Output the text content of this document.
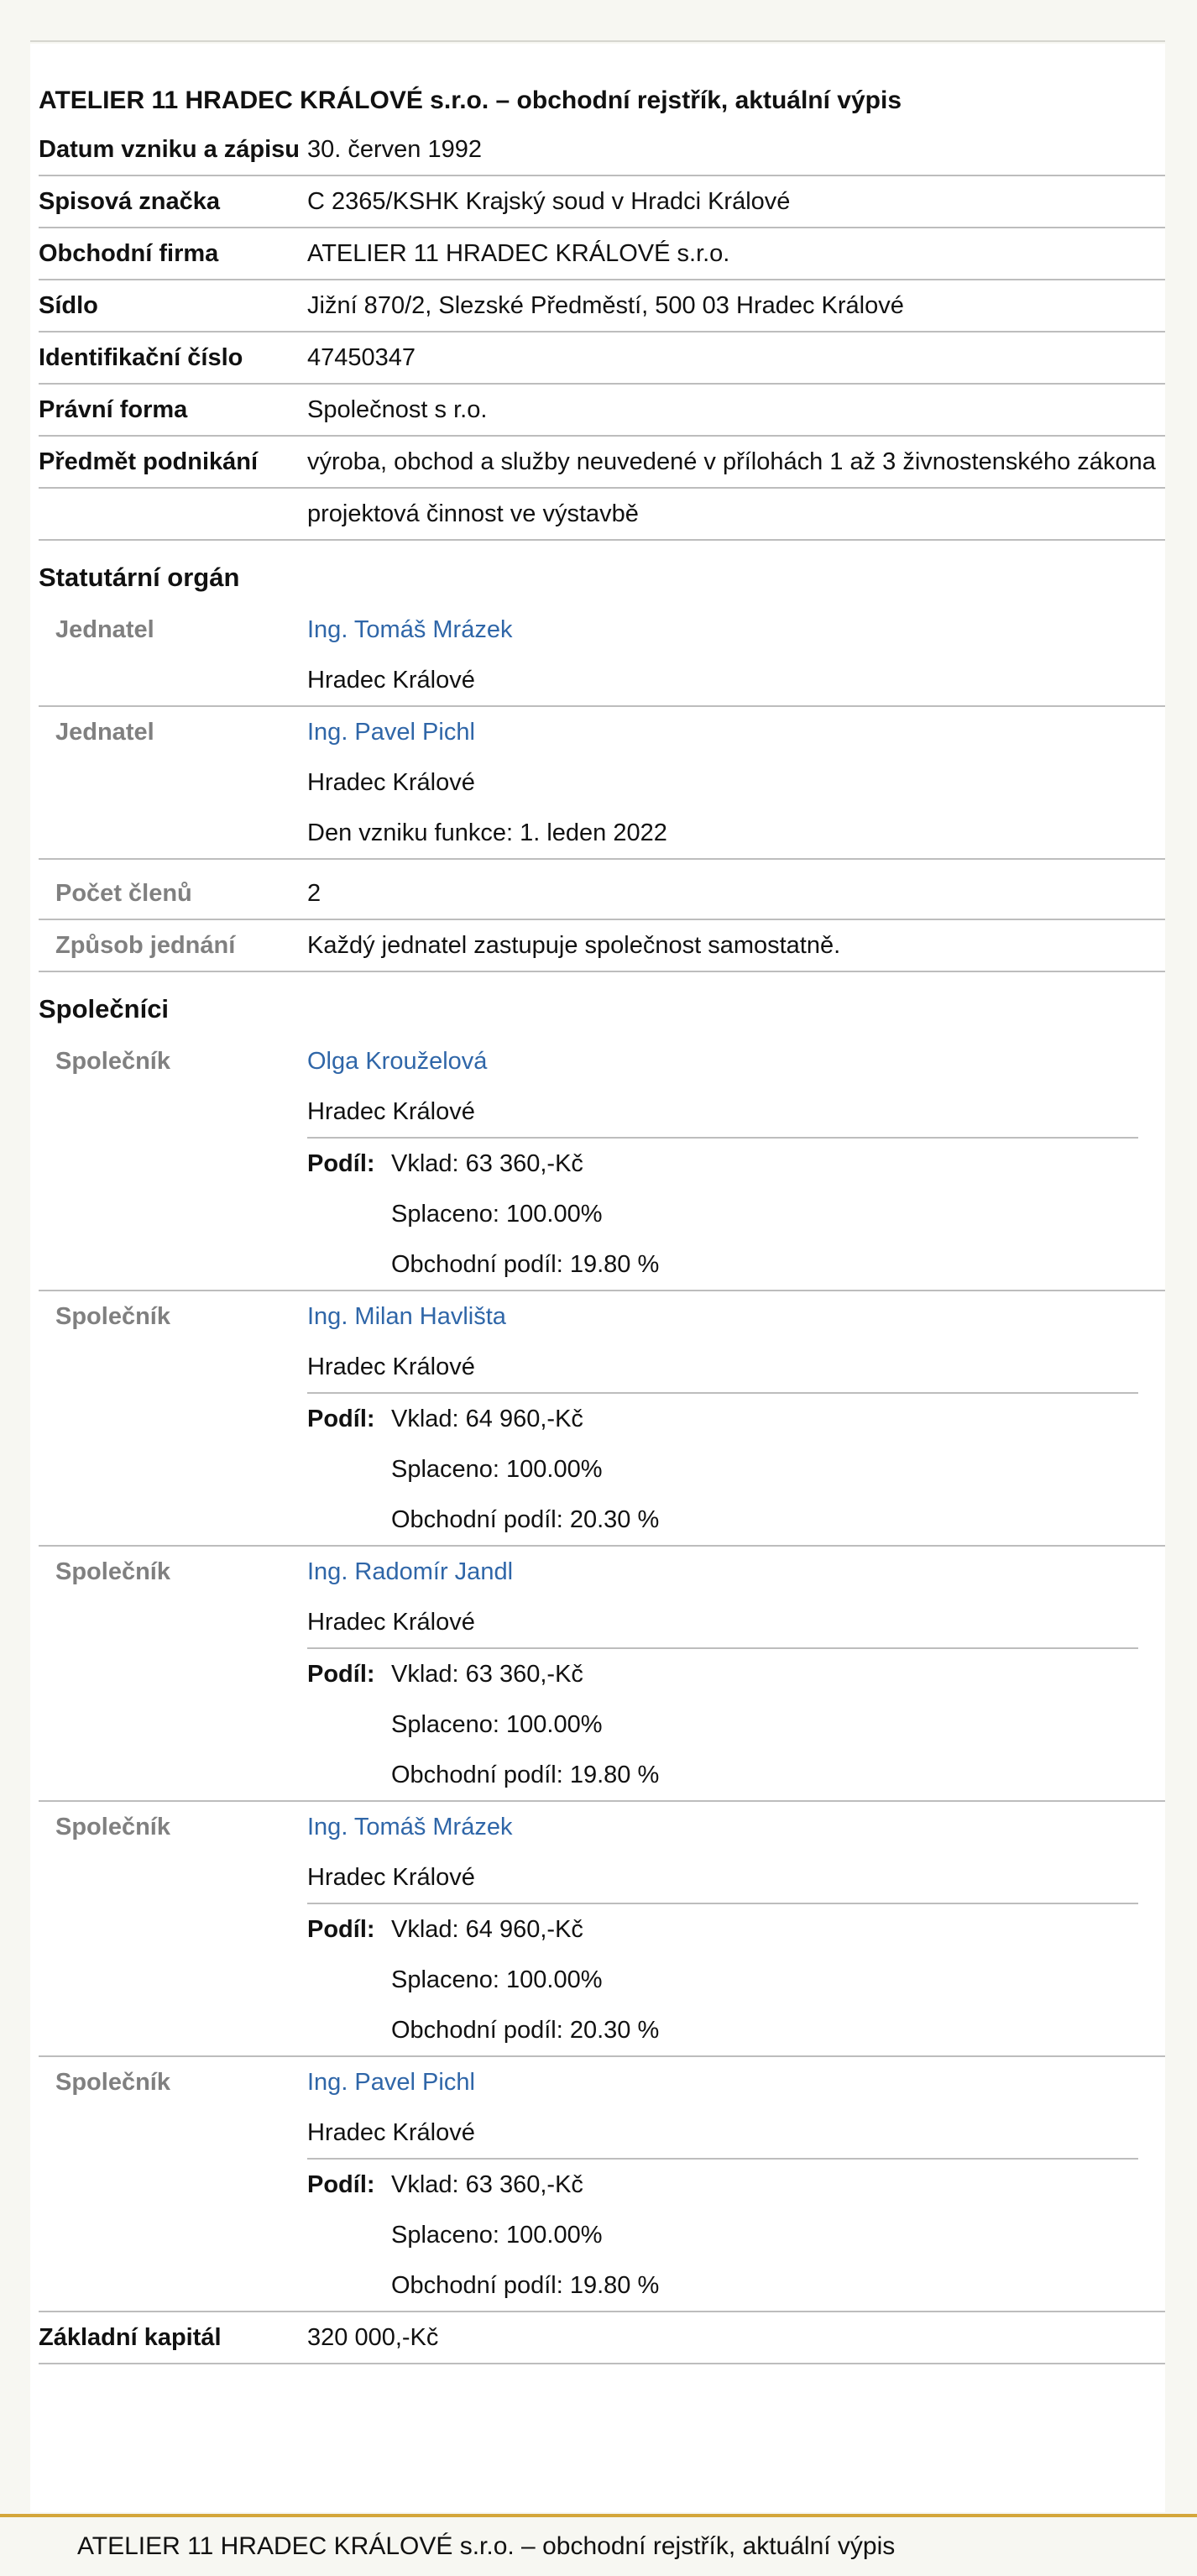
ATELIER 11 HRADEC KRÁLOVÉ s.r.o. – obchodní rejstřík, aktuální výpis
Datum vzniku a zápisu 30. červen 1992
Spisová značka	C 2365/KSHK Krajský soud v Hradci Králové
Obchodní firma	ATELIER 11 HRADEC KRÁLOVÉ s.r.o.
Sídlo	Jižní 870/2, Slezské Předměstí, 500 03 Hradec Králové
Identifikační číslo	47450347
Právní forma	Společnost s r.o.
Předmět podnikání	výroba, obchod a služby neuvedené v přílohách 1 až 3 živnostenského zákona
projektová činnost ve výstavbě
Statutární orgán
Jednatel	Ing. Tomáš Mrázek
Hradec Králové
Jednatel	Ing. Pavel Pichl
Hradec Králové
Den vzniku funkce: 1. leden 2022
Počet členů	2
Způsob jednání	Každý jednatel zastupuje společnost samostatně.
Společníci
Společník	Olga Krouželová
Hradec Králové
Podíl: Vklad: 63 360,-Kč
Splaceno: 100.00%
Obchodní podíl: 19.80 %
Společník	Ing. Milan Havlišta
Hradec Králové
Podíl: Vklad: 64 960,-Kč
Splaceno: 100.00%
Obchodní podíl: 20.30 %
Společník	Ing. Radomír Jandl
Hradec Králové
Podíl: Vklad: 63 360,-Kč
Splaceno: 100.00%
Obchodní podíl: 19.80 %
Společník	Ing. Tomáš Mrázek
Hradec Králové
Podíl: Vklad: 64 960,-Kč
Splaceno: 100.00%
Obchodní podíl: 20.30 %
Společník	Ing. Pavel Pichl
Hradec Králové
Podíl: Vklad: 63 360,-Kč
Splaceno: 100.00%
Obchodní podíl: 19.80 %
Základní kapitál	320 000,-Kč
ATELIER 11 HRADEC KRÁLOVÉ s.r.o. – obchodní rejstřík, aktuální výpis
